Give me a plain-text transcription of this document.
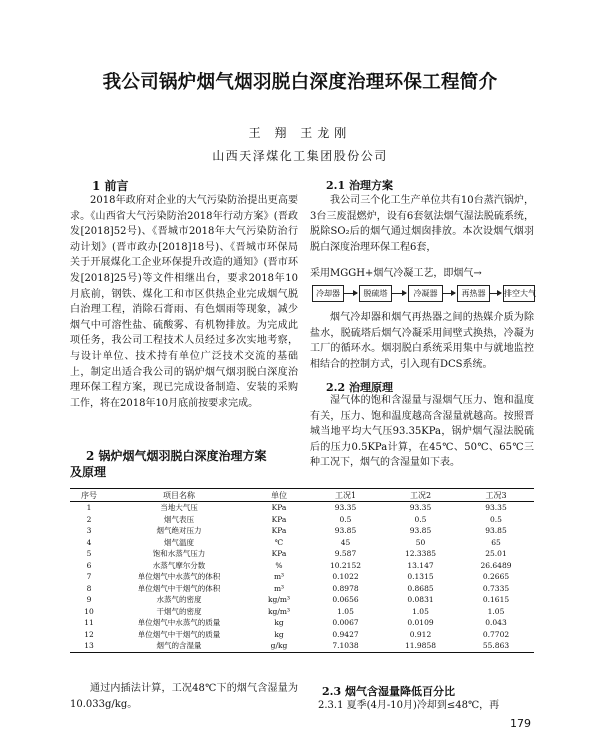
我公司锅炉烟气烟羽脱白深度治理环保工程简介
王 翔 王龙刚
山西天泽煤化工集团股份公司
1 前言

2018年政府对企业的大气污染防治提出更高要求。《山西省大气污染防治2018年行动方案》(晋政发[2018]52号)、《晋城市2018年大气污染防治行动计划》(晋市政办[2018]18号)、《晋城市环保局关于开展煤化工企业环保提升改造的通知》(晋市环发[2018]25号)等文件相继出台，要求2018年10月底前，钢铁、煤化工和市区供热企业完成烟气脱白治理工程，消除石膏雨、有色烟雨等现象，减少烟气中可溶性盐、硫酸雾、有机物排放。为完成此项任务，我公司工程技术人员经过多次实地考察，与设计单位、技术持有单位广泛技术交流的基础上，制定出适合我公司的锅炉烟气烟羽脱白深度治理环保工程方案，现已完成设备制造、安装的采购工作，将在2018年10月底前按要求完成。

2 锅炉烟气烟羽脱白深度治理方案
及原理
2.1 治理方案

我公司三个化工生产单位共有10台蒸汽锅炉，3台三废混燃炉，设有6套氨法烟气湿法脱硫系统，脱除SO₂后的烟气通过烟囱排放。本次设烟气烟羽脱白深度治理环保工程6套，

采用MGGH+烟气冷凝工艺，即烟气→
冷却器	脱硫塔	冷凝器	再热器	排空大气

烟气冷却器和烟气再热器之间的热媒介质为除盐水，脱硫塔后烟气冷凝采用间壁式换热，冷凝为工厂的循环水。烟羽脱白系统采用集中与就地监控相结合的控制方式，引入现有DCS系统。

2.2 治理原理

湿气体的饱和含湿量与湿烟气压力、饱和温度有关，压力、饱和温度越高含湿量就越高。按照晋城当地平均大气压93.35KPa，锅炉烟气湿法脱硫后的压力0.5KPa计算，在45℃、50℃、65℃三种工况下，烟气的含湿量如下表。

序号	项目名称	单位	工况1	工况2	工况3
1	当地大气压	KPa	93.35	93.35	93.35
2	烟气表压	KPa	0.5	0.5	0.5
3	烟气绝对压力	KPa	93.85	93.85	93.85
4	烟气温度	℃	45	50	65
5	饱和水蒸气压力	KPa	9.587	12.3385	25.01
6	水蒸气摩尔分数	%	10.2152	13.147	26.6489
7	单位烟气中水蒸气的体积	m³	0.1022	0.1315	0.2665
8	单位烟气中干烟气的体积	m³	0.8978	0.8685	0.7335
9	水蒸气的密度	kg/m³	0.0656	0.0831	0.1615
10	干烟气的密度	kg/m³	1.05	1.05	1.05
11	单位烟气中水蒸气的质量	kg	0.0067	0.0109	0.043
12	单位烟气中干烟气的质量	kg	0.9427	0.912	0.7702
13	烟气的含湿量	g/kg	7.1038	11.9858	55.863

通过内插法计算，工况48℃下的烟气含湿量为10.033g/kg。

2.3 烟气含湿量降低百分比
2.3.1 夏季(4月-10月)冷却到≤48℃，再
179
